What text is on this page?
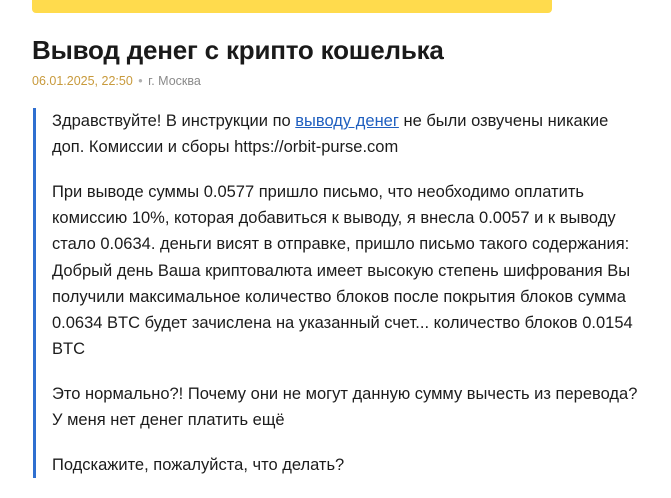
Вывод денег с крипто кошелька
06.01.2025, 22:50 • г. Москва

Здравствуйте! В инструкции по выводу денег не были озвучены никакие доп. Комиссии и сборы https://orbit-purse.com

При выводе суммы 0.0577 пришло письмо, что необходимо оплатить комиссию 10%, которая добавиться к выводу, я внесла 0.0057 и к выводу стало 0.0634. деньги висят в отправке, пришло письмо такого содержания: Добрый день Ваша криптовалюта имеет высокую степень шифрования Вы получили максимальное количество блоков после покрытия блоков сумма 0.0634 BTC будет зачислена на указанный счет... количество блоков 0.0154 BTC

Это нормально?! Почему они не могут данную сумму вычесть из перевода? У меня нет денег платить ещё

Подскажите, пожалуйста, что делать?
